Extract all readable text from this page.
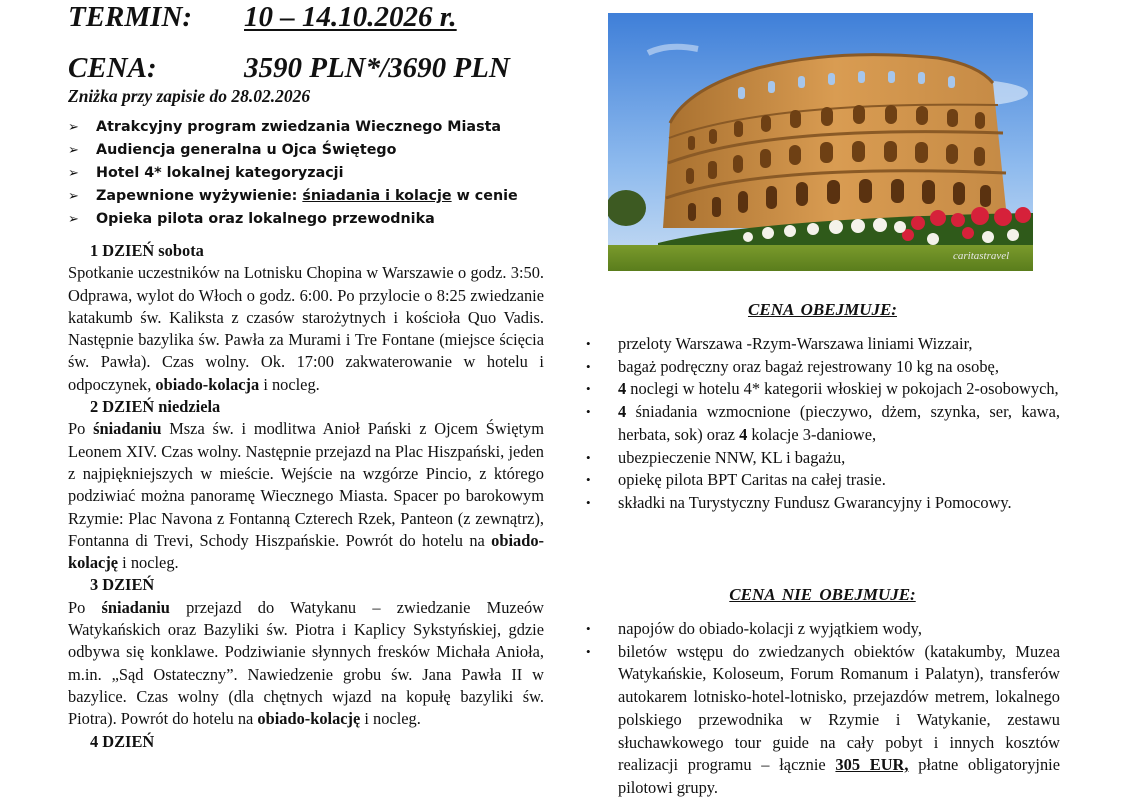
TERMIN: 10 – 14.10.2026 r.
CENA:	3590 PLN*/3690 PLN
Zniżka przy zapisie do 28.02.2026
➢ Atrakcyjny program zwiedzania Wiecznego Miasta
➢ Audiencja generalna u Ojca Świętego
➢ Hotel 4* lokalnej kategoryzacji
➢ Zapewnione wyżywienie: śniadania i kolacje w cenie
➢ Opieka pilota oraz lokalnego przewodnika
1 DZIEŃ sobota

Spotkanie uczestników na Lotnisku Chopina w Warszawie o godz. 3:50. Odprawa, wylot do Włoch o godz. 6:00. Po przylocie o 8:25 zwiedzanie katakumb św. Kaliksta z czasów starożytnych i kościoła Quo Vadis. Następnie bazylika św. Pawła za Murami i Tre Fontane (miejsce ścięcia św. Pawła). Czas wolny. Ok. 17:00 zakwaterowanie w hotelu i odpoczynek, obiado-kolacja i nocleg.

2 DZIEŃ niedziela

Po śniadaniu Msza św. i modlitwa Anioł Pański z Ojcem Świętym Leonem XIV. Czas wolny. Następnie przejazd na Plac Hiszpański, jeden z najpiękniejszych w mieście. Wejście na wzgórze Pincio, z którego podziwiać można panoramę Wiecznego Miasta. Spacer po barokowym Rzymie: Plac Navona z Fontanną Czterech Rzek, Panteon (z zewnątrz), Fontanna di Trevi, Schody Hiszpańskie. Powrót do hotelu na obiado-kolację i nocleg.

3 DZIEŃ

Po śniadaniu przejazd do Watykanu – zwiedzanie Muzeów Watykańskich oraz Bazyliki św. Piotra i Kaplicy Sykstyńskiej, gdzie odbywa się konklawe. Podziwianie słynnych fresków Michała Anioła, m.in. „Sąd Ostateczny”. Nawiedzenie grobu św. Jana Pawła II w bazylice. Czas wolny (dla chętnych wjazd na kopułę bazyliki św. Piotra). Powrót do hotelu na obiado-kolację i nocleg.

4 DZIEŃ
caritastravel
CENA OBEJMUJE:
• przeloty Warszawa -Rzym-Warszawa liniami Wizzair,
• bagaż podręczny oraz bagaż rejestrowany 10 kg na osobę,
• 4 noclegi w hotelu 4* kategorii włoskiej w pokojach 2-osobowych,
• 4 śniadania wzmocnione (pieczywo, dżem, szynka, ser, kawa, herbata, sok) oraz 4 kolacje 3-daniowe,
• ubezpieczenie NNW, KL i bagażu,
• opiekę pilota BPT Caritas na całej trasie.
• składki na Turystyczny Fundusz Gwarancyjny i Pomocowy.
CENA NIE OBEJMUJE:
• napojów do obiado-kolacji z wyjątkiem wody,
• biletów wstępu do zwiedzanych obiektów (katakumby, Muzea Watykańskie, Koloseum, Forum Romanum i Palatyn), transferów autokarem lotnisko-hotel-lotnisko, przejazdów metrem, lokalnego polskiego przewodnika w Rzymie i Watykanie, zestawu słuchawkowego tour guide na cały pobyt i innych kosztów realizacji programu – łącznie 305 EUR, płatne obligatoryjnie pilotowi grupy.
